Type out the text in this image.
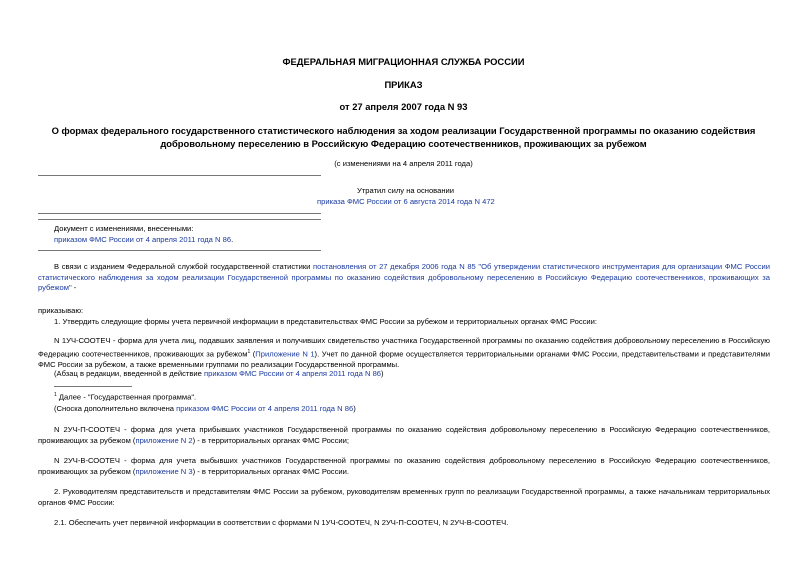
ФЕДЕРАЛЬНАЯ МИГРАЦИОННАЯ СЛУЖБА РОССИИ
ПРИКАЗ
от 27 апреля 2007 года N 93
О формах федерального государственного статистического наблюдения за ходом реализации Государственной программы по оказанию содействия
добровольному переселению в Российскую Федерацию соотечественников, проживающих за рубежом
(с изменениями на 4 апреля 2011 года)
Утратил силу на основании
приказа ФМС России от 6 августа 2014 года N 472
Документ с изменениями, внесенными:
приказом ФМС России от 4 апреля 2011 года N 86.
В связи с изданием Федеральной службой государственной статистики постановления от 27 декабря 2006 года N 85 "Об утверждении статистического инструментария для организации ФМС России статистического наблюдения за ходом реализации Государственной программы по оказанию содействия добровольному переселению в Российскую Федерацию соотечественников, проживающих за рубежом" -
приказываю:
1. Утвердить следующие формы учета первичной информации в представительствах ФМС России за рубежом и территориальных органах ФМС России:
N 1УЧ-СООТЕЧ - форма для учета лиц, подавших заявления и получивших свидетельство участника Государственной программы по оказанию содействия добровольному переселению в Российскую Федерацию соотечественников, проживающих за рубежом$^1$ (Приложение N 1). Учет по данной форме осуществляется территориальными органами ФМС России, представительствами и представителями ФМС России за рубежом, а также временными группами по реализации Государственной программы.
(Абзац в редакции, введенной в действие приказом ФМС России от 4 апреля 2011 года N 86)
$^1$ Далее - "Государственная программа".
(Сноска дополнительно включена приказом ФМС России от 4 апреля 2011 года N 86)
N 2УЧ-П-СООТЕЧ - форма для учета прибывших участников Государственной программы по оказанию содействия добровольному переселению в Российскую Федерацию соотечественников, проживающих за рубежом (приложение N 2) - в территориальных органах ФМС России;
N 2УЧ-В-СООТЕЧ - форма для учета выбывших участников Государственной программы по оказанию содействия добровольному переселению в Российскую Федерацию соотечественников, проживающих за рубежом (приложение N 3) - в территориальных органах ФМС России.
2. Руководителям представительств и представителям ФМС России за рубежом, руководителям временных групп по реализации Государственной программы, а также начальникам территориальных органов ФМС России:
2.1. Обеспечить учет первичной информации в соответствии с формами N 1УЧ-СООТЕЧ, N 2УЧ-П-СООТЕЧ, N 2УЧ-В-СООТЕЧ.
